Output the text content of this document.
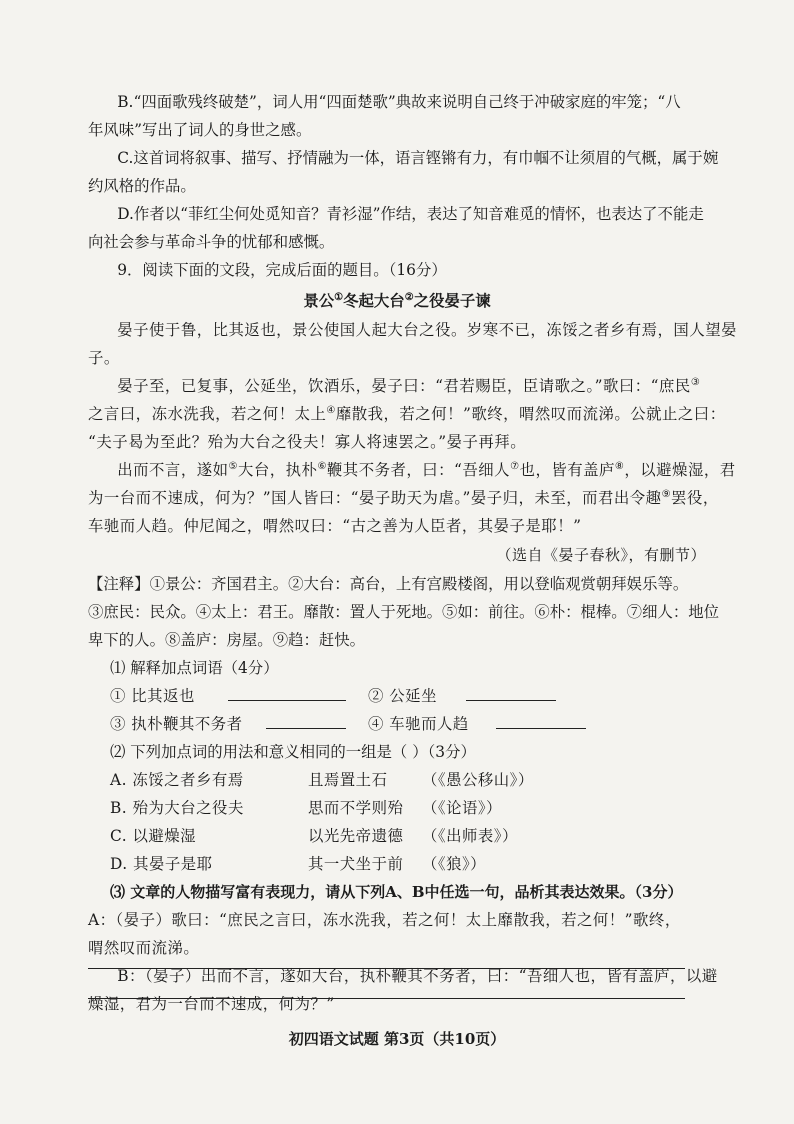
B.“四面歌残终破楚”，词人用“四面楚歌”典故来说明自己终于冲破家庭的牢笼；“八
年风味”写出了词人的身世之感。
C.这首词将叙事、描写、抒情融为一体，语言铿锵有力，有巾帼不让须眉的气概，属于婉
约风格的作品。
D.作者以“菲红尘何处觅知音？青衫湿”作结，表达了知音难觅的情怀，也表达了不能走
向社会参与革命斗争的忧郁和感慨。
9．阅读下面的文段，完成后面的题目。（16分）
景公①冬起大台②之役晏子谏
晏子使于鲁，比其返也，景公使国人起大台之役。岁寒不已，冻馁之者乡有焉，国人望晏
子。
晏子至，已复事，公延坐，饮酒乐，晏子曰：“君若赐臣，臣请歌之。”歌曰：“庶民③
之言曰，冻水洗我，若之何！太上④靡散我，若之何！”歌终，喟然叹而流涕。公就止之曰：
“夫子曷为至此？殆为大台之役夫！寡人将速罢之。”晏子再拜。
出而不言，遂如⑤大台，执朴⑥鞭其不务者，曰：“吾细人⑦也，皆有盖庐⑧，以避燥湿，君
为一台而不速成，何为？”国人皆曰：“晏子助天为虐。”晏子归，未至，而君出令趣⑨罢役，
车驰而人趋。仲尼闻之，喟然叹曰：“古之善为人臣者，其晏子是耶！”
（选自《晏子春秋》，有删节）
【注释】①景公：齐国君主。②大台：高台，上有宫殿楼阁，用以登临观赏朝拜娱乐等。
③庶民：民众。④太上：君王。靡散：置人于死地。⑤如：前往。⑥朴：棍棒。⑦细人：地位
卑下的人。⑧盖庐：房屋。⑨趋：赶快。
⑴ 解释加点词语（4分）
① 比其返也	② 公延坐
③ 执朴鞭其不务者	④ 车驰而人趋
⑵ 下列加点词的用法和意义相同的一组是（ ）（3分）
A. 冻馁之者乡有焉	且焉置土石	（《愚公移山》）
B. 殆为大台之役夫	思而不学则殆	（《论语》）
C. 以避燥湿	以光先帝遗德	（《出师表》）
D. 其晏子是耶	其一犬坐于前	（《狼》）
⑶ 文章的人物描写富有表现力，请从下列A、B中任选一句，品析其表达效果。（3分）
A：（晏子）歌曰：“庶民之言曰，冻水洗我，若之何！太上靡散我，若之何！”歌终，
喟然叹而流涕。
B：（晏子）出而不言，遂如大台，执朴鞭其不务者，曰：“吾细人也，皆有盖庐，以避
燥湿，君为一台而不速成，何为？”
初四语文试题 第3页（共10页）
